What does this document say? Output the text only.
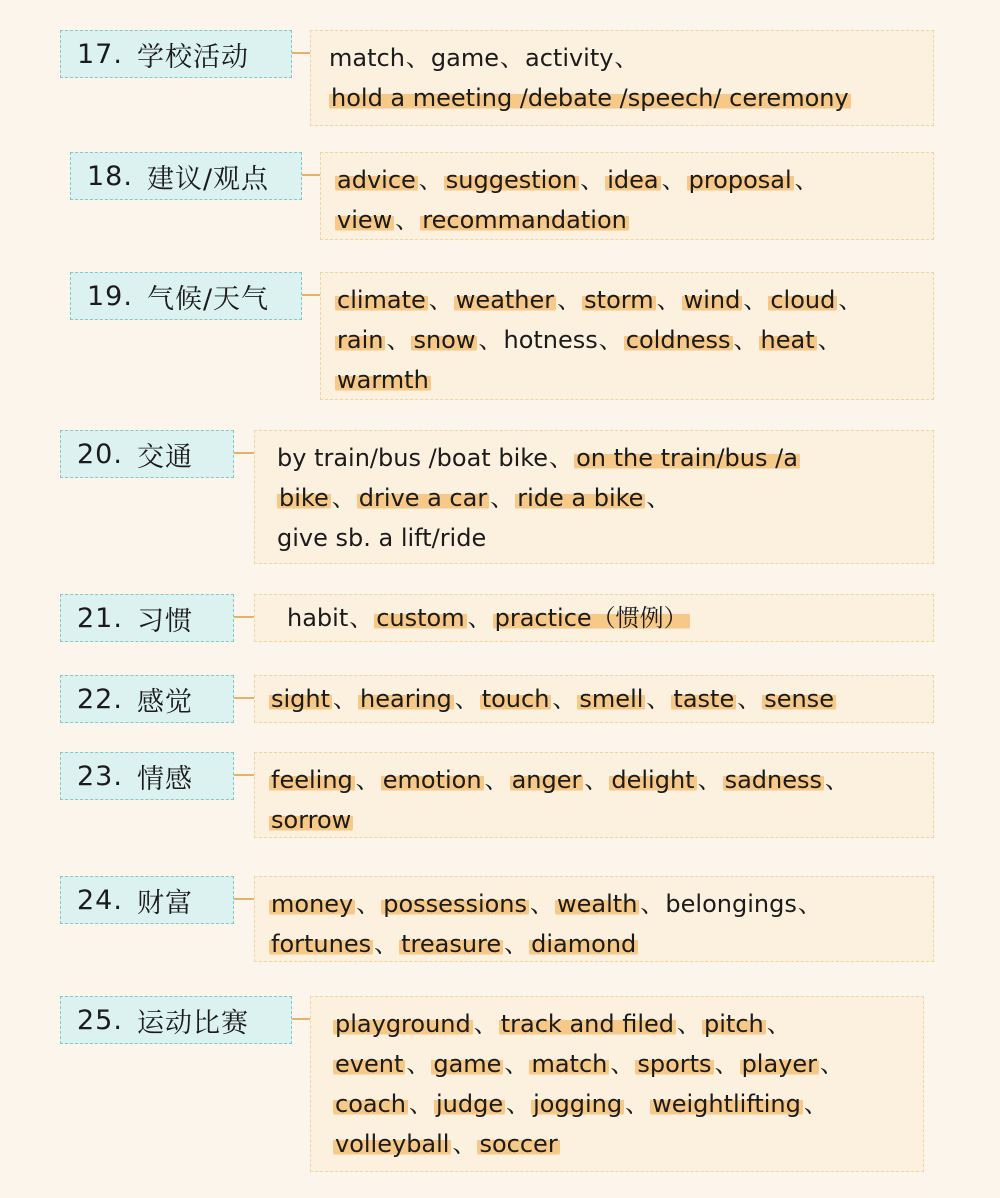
17. 学校活动	match、game、activity、
hold a meeting /debate /speech/ ceremony
18. 建议/观点	advice 、 suggestion 、 idea 、 proposal 、
view 、 recommandation
19. 气候/天气	climate 、 weather 、 storm 、 wind 、 cloud 、
rain 、 snow 、hotness、 coldness 、 heat 、
warmth
20. 交通	by train/bus /boat bike、 on the train/bus /a
bike 、 drive a car 、 ride a bike 、
give sb. a lift/ride
21. 习惯	habit、 custom 、 practice（惯例）
22. 感觉	sight 、 hearing 、 touch 、 smell 、 taste 、 sense
23. 情感	feeling 、 emotion 、 anger 、 delight 、 sadness 、
sorrow
24. 财富	money 、 possessions 、 wealth 、belongings、
fortunes 、 treasure 、 diamond
25. 运动比赛	playground 、 track and filed 、 pitch 、
event 、 game 、 match 、 sports 、 player 、
coach 、 judge 、 jogging 、 weightlifting 、
volleyball 、 soccer
